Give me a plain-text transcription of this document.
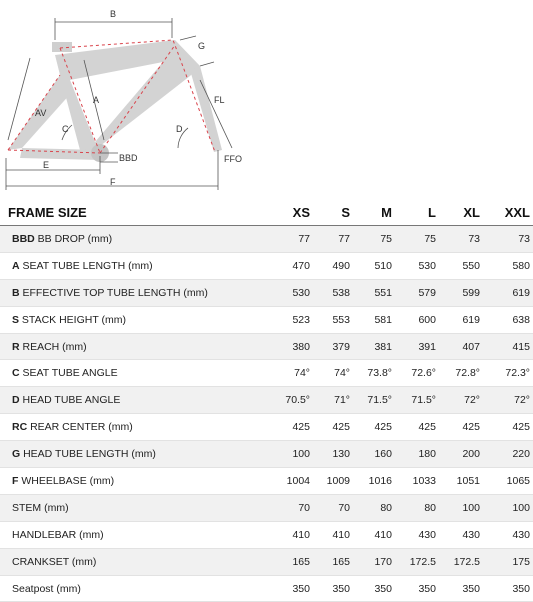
B
G
A
AV
C
FL
D
BBD
E
F
FFO
FRAME SIZE	XS	S	M	L	XL	XXL
BBD BB DROP (mm)	77	77	75	75	73	73
A SEAT TUBE LENGTH (mm)	470	490	510	530	550	580
B EFFECTIVE TOP TUBE LENGTH (mm)	530	538	551	579	599	619
S STACK HEIGHT (mm)	523	553	581	600	619	638
R REACH (mm)	380	379	381	391	407	415
C SEAT TUBE ANGLE	74°	74°	73.8°	72.6°	72.8°	72.3°
D HEAD TUBE ANGLE	70.5°	71°	71.5°	71.5°	72°	72°
RC REAR CENTER (mm)	425	425	425	425	425	425
G HEAD TUBE LENGTH (mm)	100	130	160	180	200	220
F WHEELBASE (mm)	1004	1009	1016	1033	1051	1065
STEM (mm)	70	70	80	80	100	100
HANDLEBAR (mm)	410	410	410	430	430	430
CRANKSET (mm)	165	165	170	172.5	172.5	175
Seatpost (mm)	350	350	350	350	350	350
